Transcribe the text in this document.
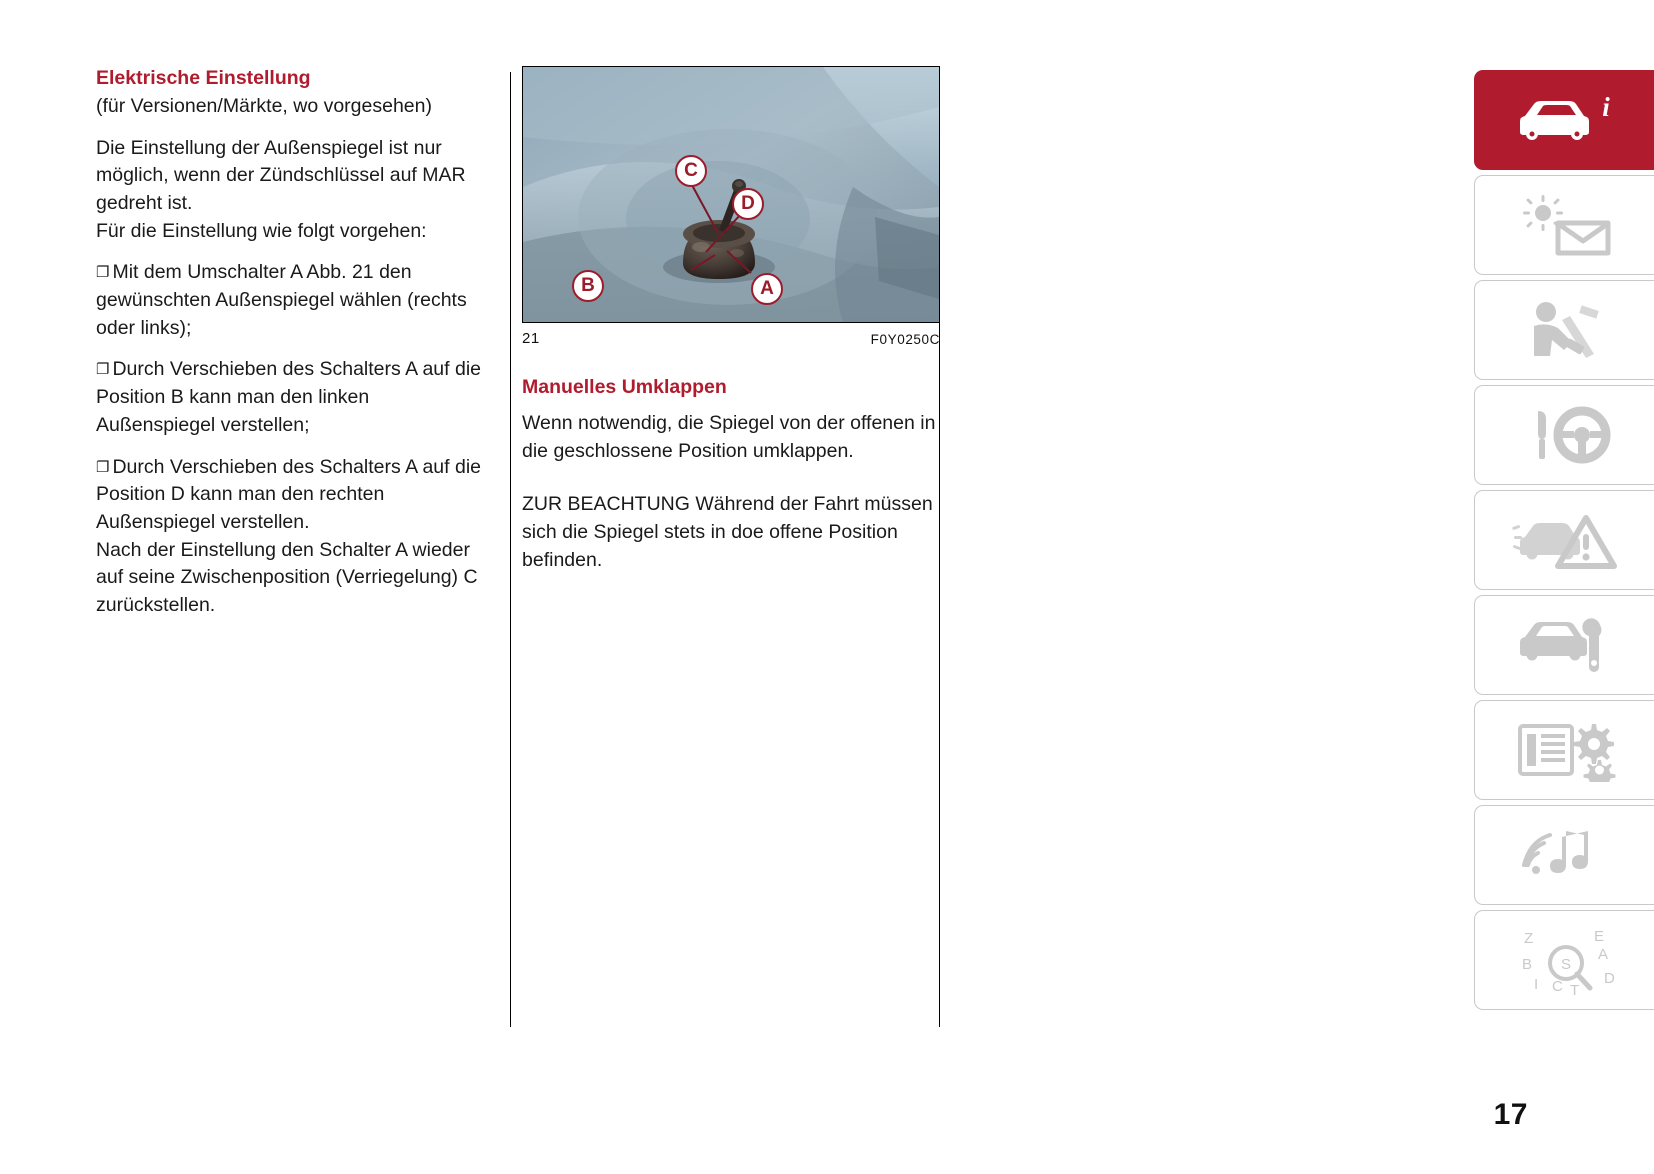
Elektrische Einstellung

(für Versionen/Märkte, wo vorgesehen)

Die Einstellung der Außenspiegel ist nur möglich, wenn der Zündschlüssel auf MAR gedreht ist.

Für die Einstellung wie folgt vorgehen:

❐ Mit dem Umschalter A Abb. 21 den gewünschten Außenspiegel wählen (rechts oder links);
❐ Durch Verschieben des Schalters A auf die Position B kann man den linken Außenspiegel verstellen;
❐ Durch Verschieben des Schalters A auf die Position D kann man den rechten Außenspiegel verstellen.

Nach der Einstellung den Schalter A wieder auf seine Zwischenposition (Verriegelung) C zurückstellen.

C
D
B	A
21	F0Y0250C
Manuelles Umklappen

Wenn notwendig, die Spiegel von der offenen in die geschlossene Position umklappen.

ZUR BEACHTUNG Während der Fahrt müssen sich die Spiegel stets in doe offene Position befinden.

i
Z	E
B
A
I C T
D
S
17
